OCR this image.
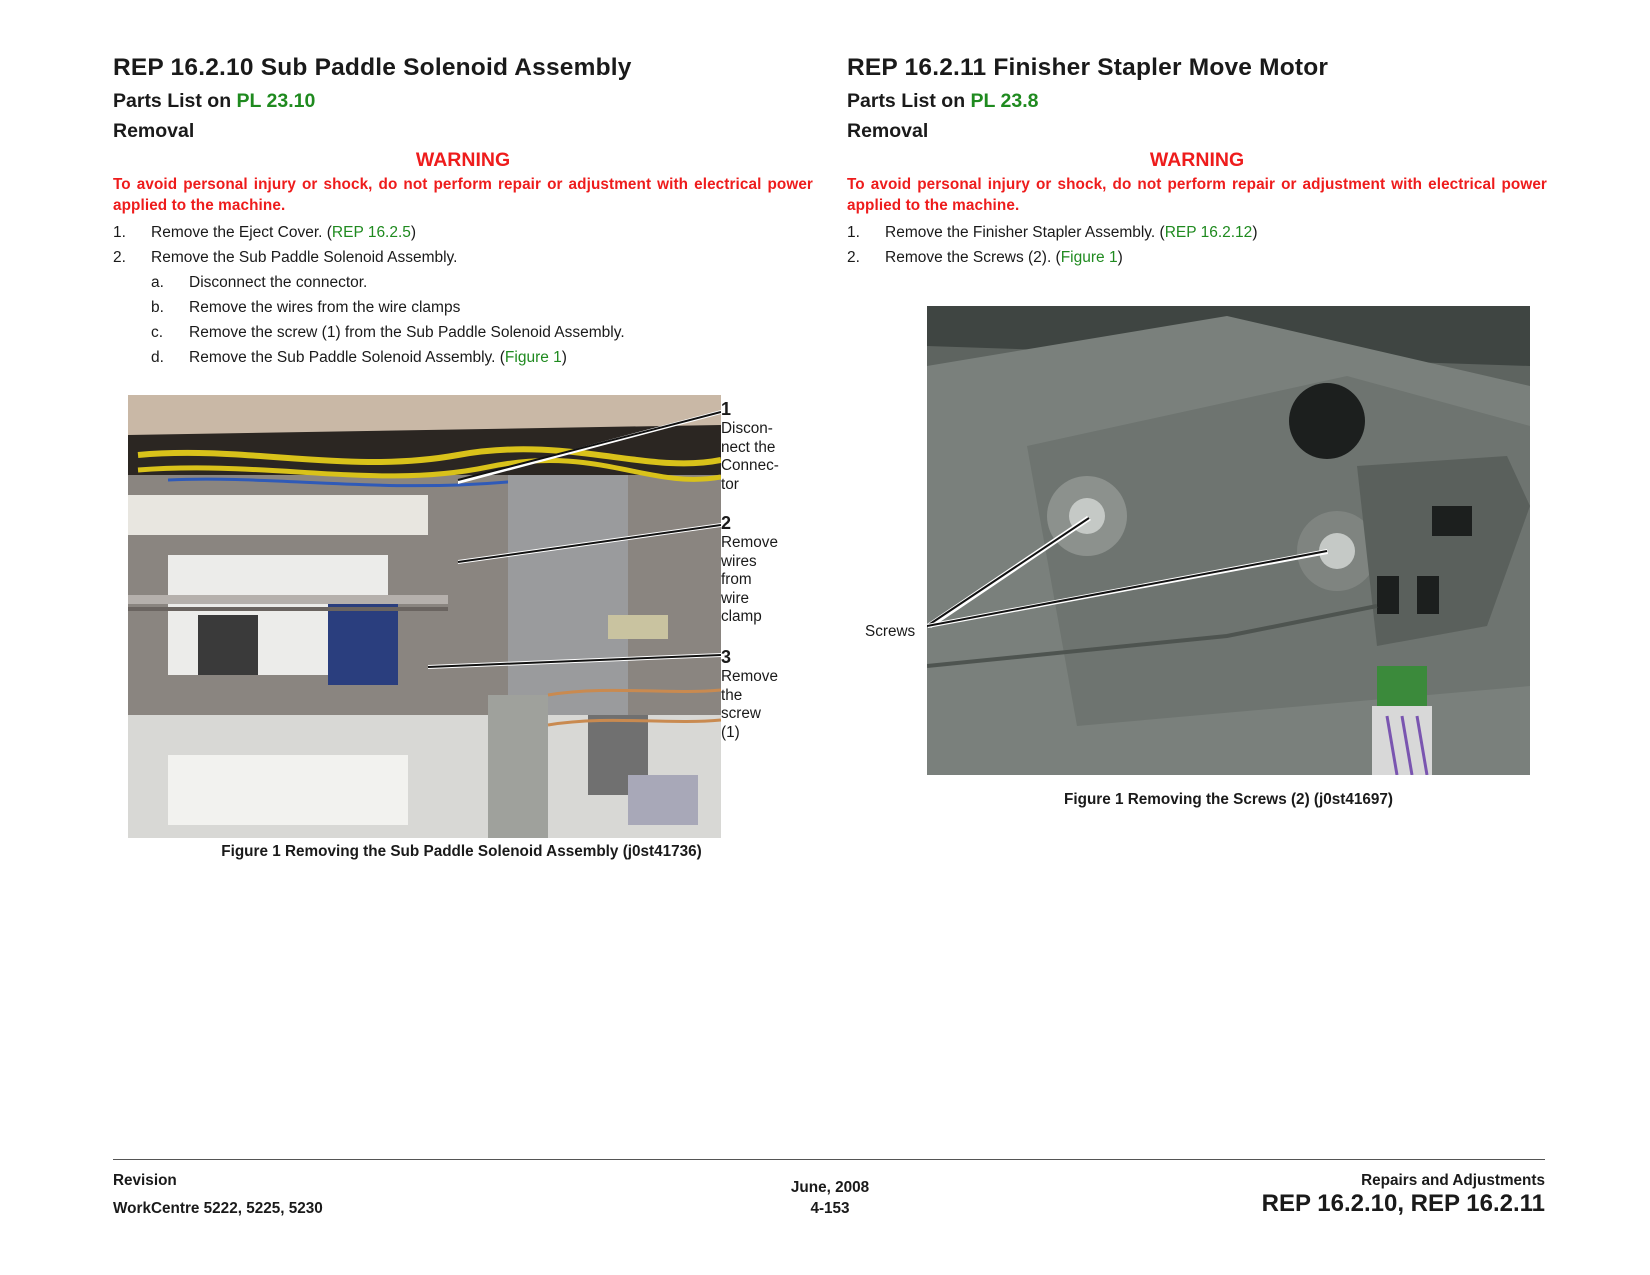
REP 16.2.10 Sub Paddle Solenoid Assembly
Parts List on PL 23.10
Removal
WARNING
To avoid personal injury or shock, do not perform repair or adjustment with electrical power applied to the machine.
1. Remove the Eject Cover. (REP 16.2.5)
2. Remove the Sub Paddle Solenoid Assembly.
a. Disconnect the connector.
b. Remove the wires from the wire clamps
c. Remove the screw (1) from the Sub Paddle Solenoid Assembly.
d. Remove the Sub Paddle Solenoid Assembly. (Figure 1)
1
Discon-
nect the
Connec-
tor
2
Remove
wires
from
wire
clamp
3
Remove
the
screw
(1)
Figure 1 Removing the Sub Paddle Solenoid Assembly (j0st41736)
REP 16.2.11 Finisher Stapler Move Motor
Parts List on PL 23.8
Removal
WARNING
To avoid personal injury or shock, do not perform repair or adjustment with electrical power applied to the machine.
1. Remove the Finisher Stapler Assembly. (REP 16.2.12)
2. Remove the Screws (2). (Figure 1)
Screws
Figure 1 Removing the Screws (2) (j0st41697)
Revision
WorkCentre 5222, 5225, 5230
June, 2008
4-153
Repairs and Adjustments
REP 16.2.10, REP 16.2.11
